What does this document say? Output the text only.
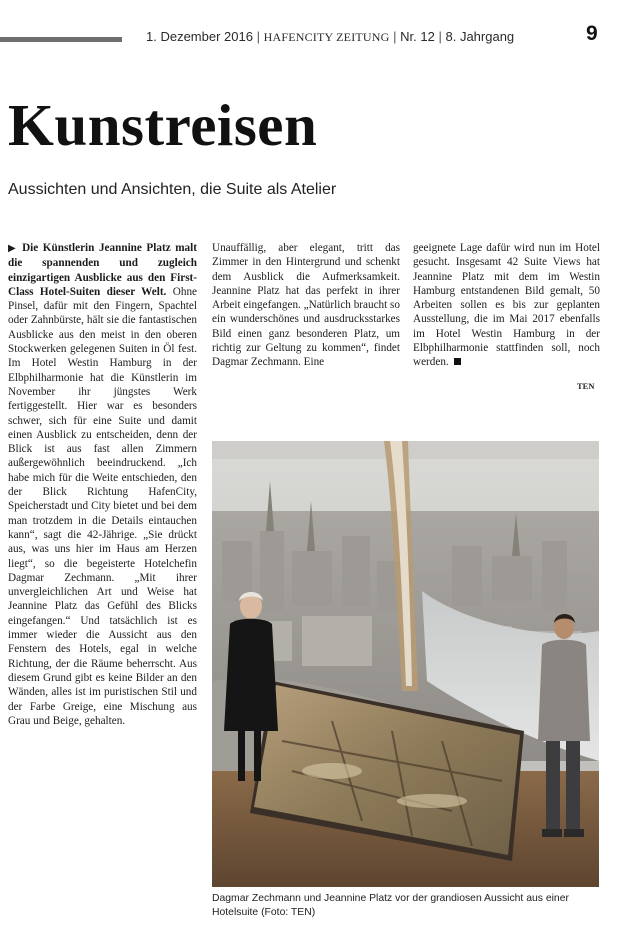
1. Dezember 2016 | HAFENCITY ZEITUNG | Nr. 12 | 8. Jahrgang	9
Kunstreisen
Aussichten und Ansichten, die Suite als Atelier
▶ Die Künstlerin Jeannine Platz malt die spannenden und zugleich einzigartigen Ausblicke aus den First-Class Hotel-Suiten dieser Welt. Ohne Pinsel, dafür mit den Fingern, Spachtel oder Zahnbürste, hält sie die fantastischen Ausblicke aus den meist in den oberen Stockwerken gelegenen Suiten in Öl fest. Im Hotel Westin Hamburg in der Elbphilharmonie hat die Künstlerin im November ihr jüngstes Werk fertiggestellt. Hier war es besonders schwer, sich für eine Suite und damit einen Ausblick zu entscheiden, denn der Blick ist aus fast allen Zimmern außergewöhnlich beeindruckend. „Ich habe mich für die Weite entschieden, den der Blick Richtung HafenCity, Speicherstadt und City bietet und bei dem man trotzdem in die Details eintauchen kann“, sagt die 42-Jährige. „Sie drückt aus, was uns hier im Haus am Herzen liegt“, so die begeisterte Hotelchefin Dagmar Zechmann. „Mit ihrer unvergleichlichen Art und Weise hat Jeannine Platz das Gefühl des Blicks eingefangen.“ Und tatsächlich ist es immer wieder die Aussicht aus den Fenstern des Hotels, egal in welche Richtung, der die Räume beherrscht. Aus diesem Grund gibt es keine Bilder an den Wänden, alles ist im puristischen Stil und der Farbe Greige, eine Mischung aus Grau und Beige, gehalten.
Unauffällig, aber elegant, tritt das Zimmer in den Hintergrund und schenkt dem Ausblick die Aufmerksamkeit. Jeannine Platz hat das perfekt in ihrer Arbeit eingefangen. „Natürlich braucht so ein wunderschönes und ausdrucksstarkes Bild einen ganz besonderen Platz, um richtig zur Geltung zu kommen“, findet Dagmar Zechmann. Eine
geeignete Lage dafür wird nun im Hotel gesucht. Insgesamt 42 Suite Views hat Jeannine Platz mit dem im Westin Hamburg entstandenen Bild gemalt, 50 Arbeiten sollen es bis zur geplanten Ausstellung, die im Mai 2017 ebenfalls im Hotel Westin Hamburg in der Elbphilharmonie stattfinden soll, noch werden.
TEN
Dagmar Zechmann und Jeannine Platz vor der grandiosen Aussicht aus einer Hotelsuite (Foto: TEN)
